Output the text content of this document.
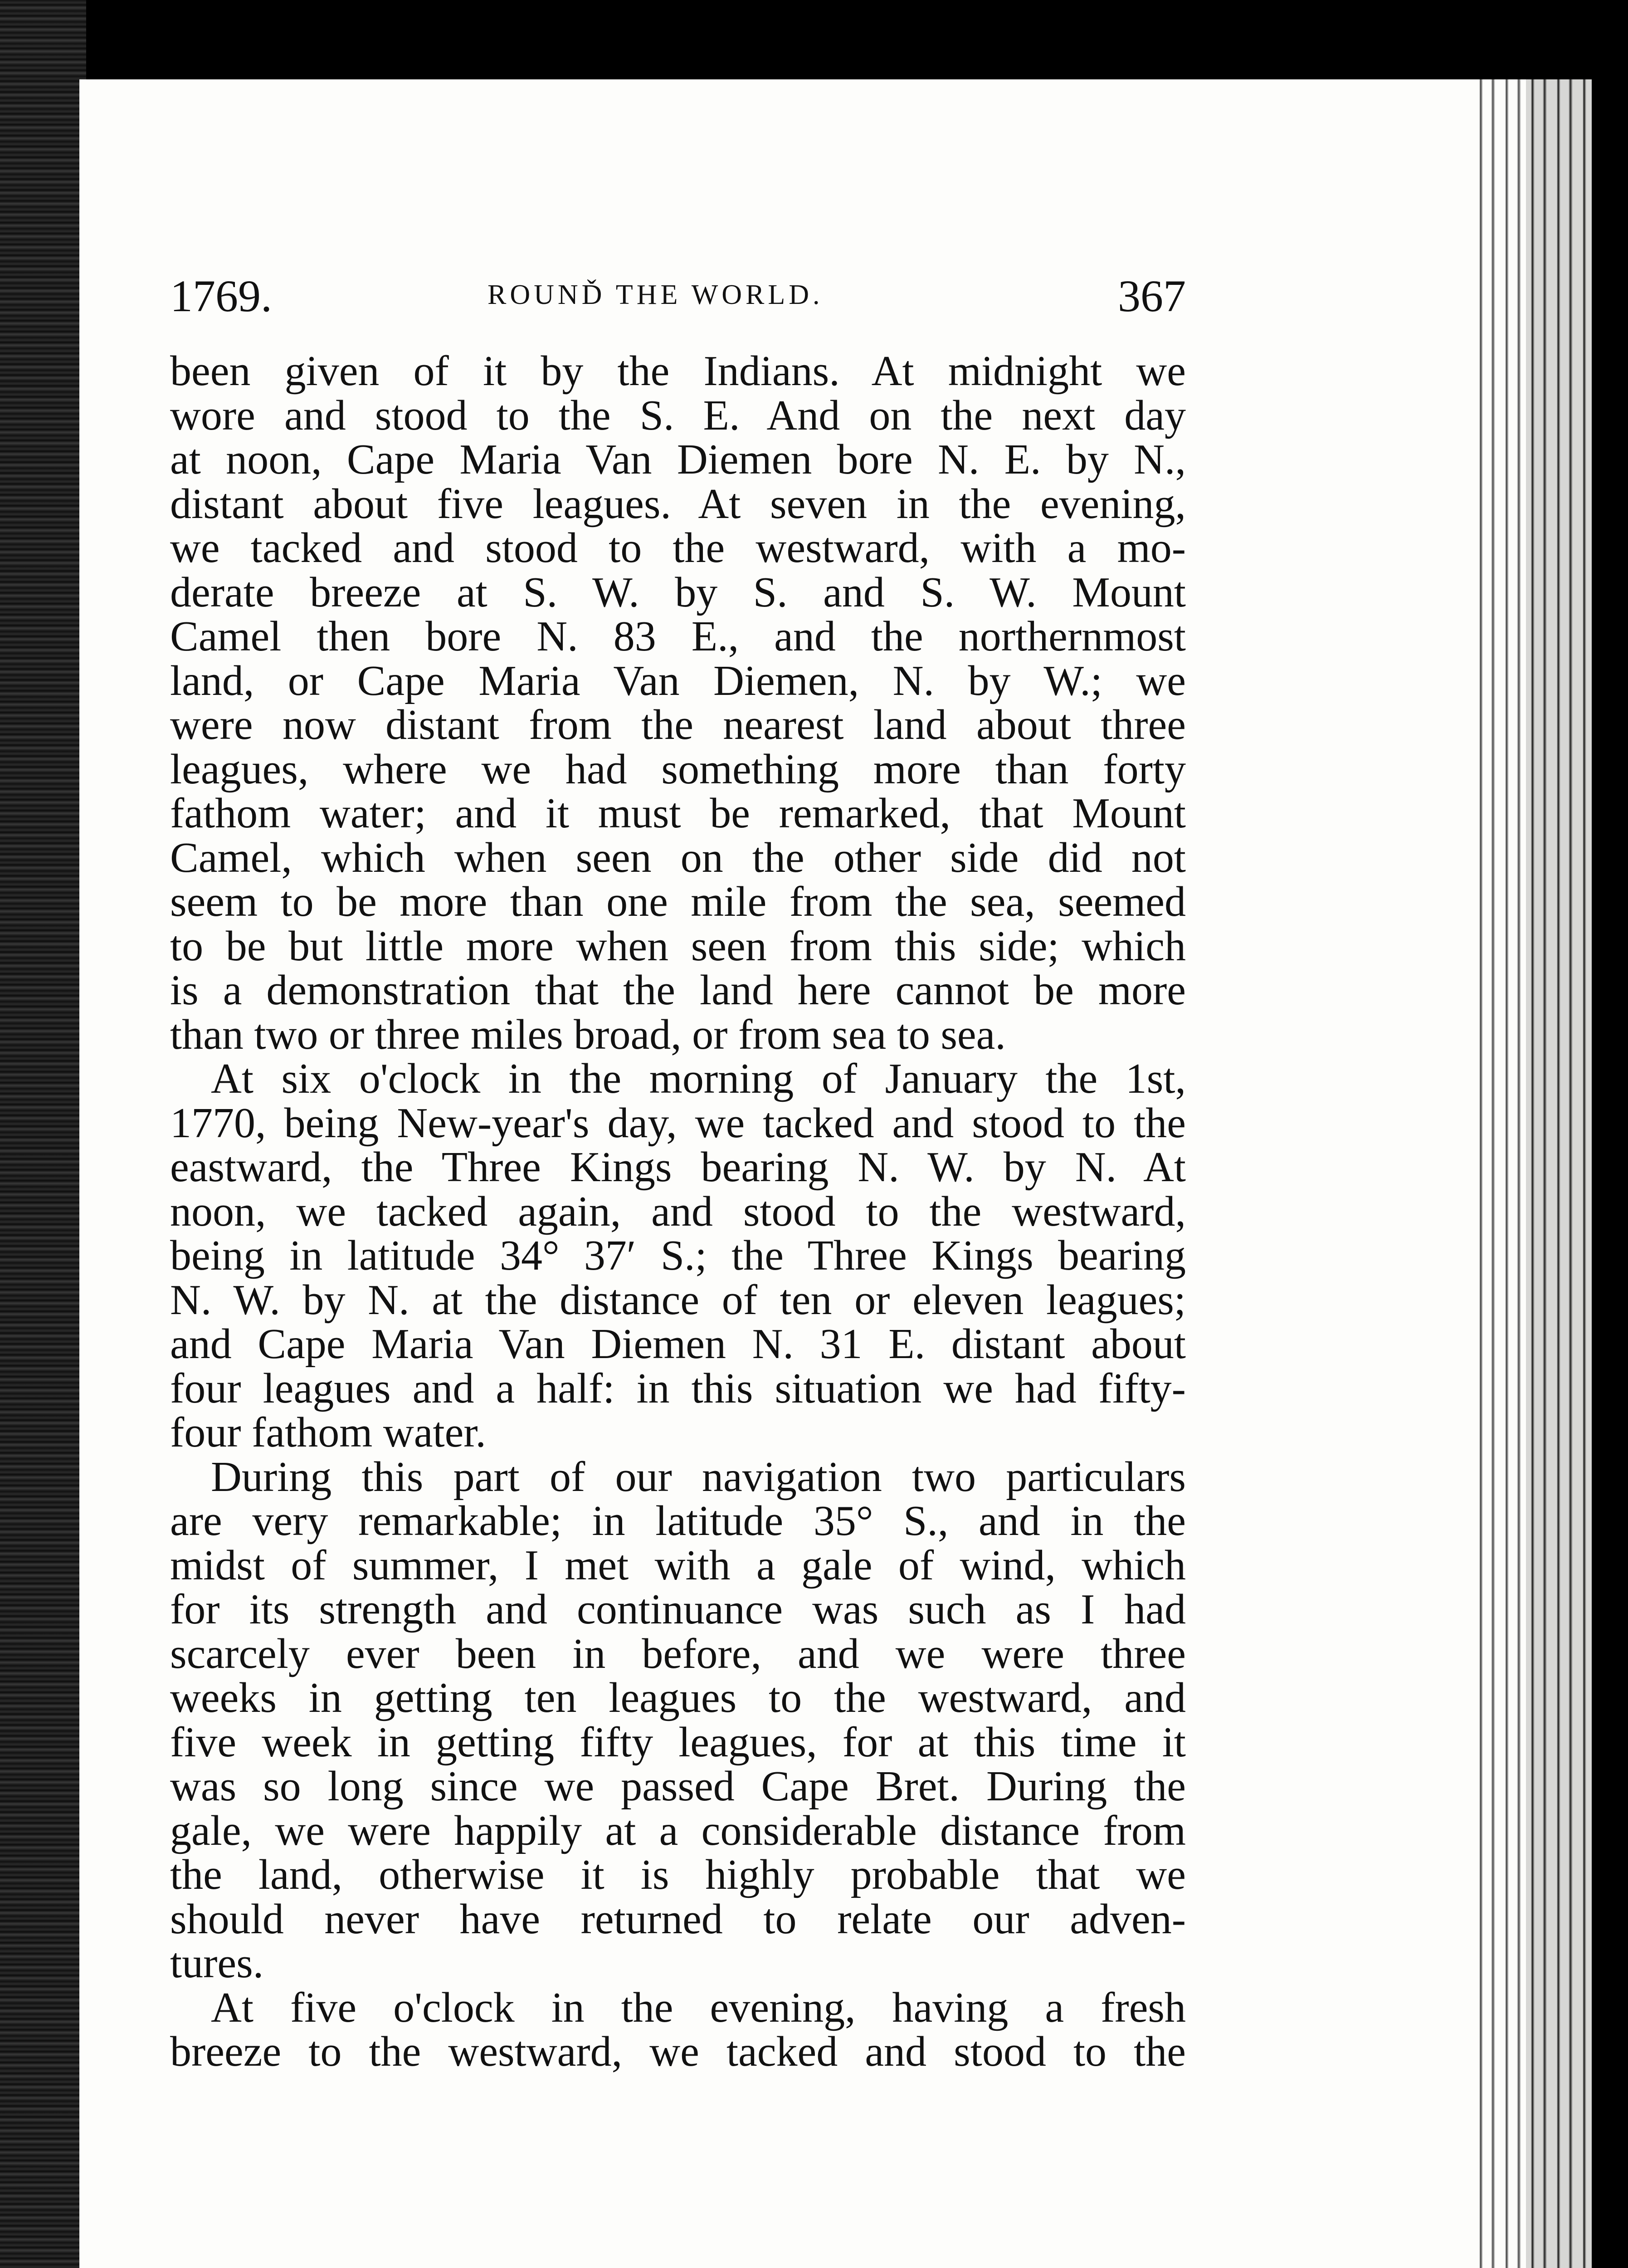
1769.	ROUNĎ THE WORLD.	367
been given of it by the Indians. At midnight we
wore and stood to the S. E. And on the next day
at noon, Cape Maria Van Diemen bore N. E. by N.,
distant about five leagues. At seven in the evening,
we tacked and stood to the westward, with a mo-
derate breeze at S. W. by S. and S. W. Mount
Camel then bore N. 83 E., and the northernmost
land, or Cape Maria Van Diemen, N. by W.; we
were now distant from the nearest land about three
leagues, where we had something more than forty
fathom water; and it must be remarked, that Mount
Camel, which when seen on the other side did not
seem to be more than one mile from the sea, seemed
to be but little more when seen from this side; which
is a demonstration that the land here cannot be more
than two or three miles broad, or from sea to sea.
At six o'clock in the morning of January the 1st,
1770, being New-year's day, we tacked and stood to the
eastward, the Three Kings bearing N. W. by N. At
noon, we tacked again, and stood to the westward,
being in latitude 34° 37′ S.; the Three Kings bearing
N. W. by N. at the distance of ten or eleven leagues;
and Cape Maria Van Diemen N. 31 E. distant about
four leagues and a half: in this situation we had fifty-
four fathom water.
During this part of our navigation two particulars
are very remarkable; in latitude 35° S., and in the
midst of summer, I met with a gale of wind, which
for its strength and continuance was such as I had
scarcely ever been in before, and we were three
weeks in getting ten leagues to the westward, and
five week in getting fifty leagues, for at this time it
was so long since we passed Cape Bret. During the
gale, we were happily at a considerable distance from
the land, otherwise it is highly probable that we
should never have returned to relate our adven-
tures.
At five o'clock in the evening, having a fresh
breeze to the westward, we tacked and stood to the
